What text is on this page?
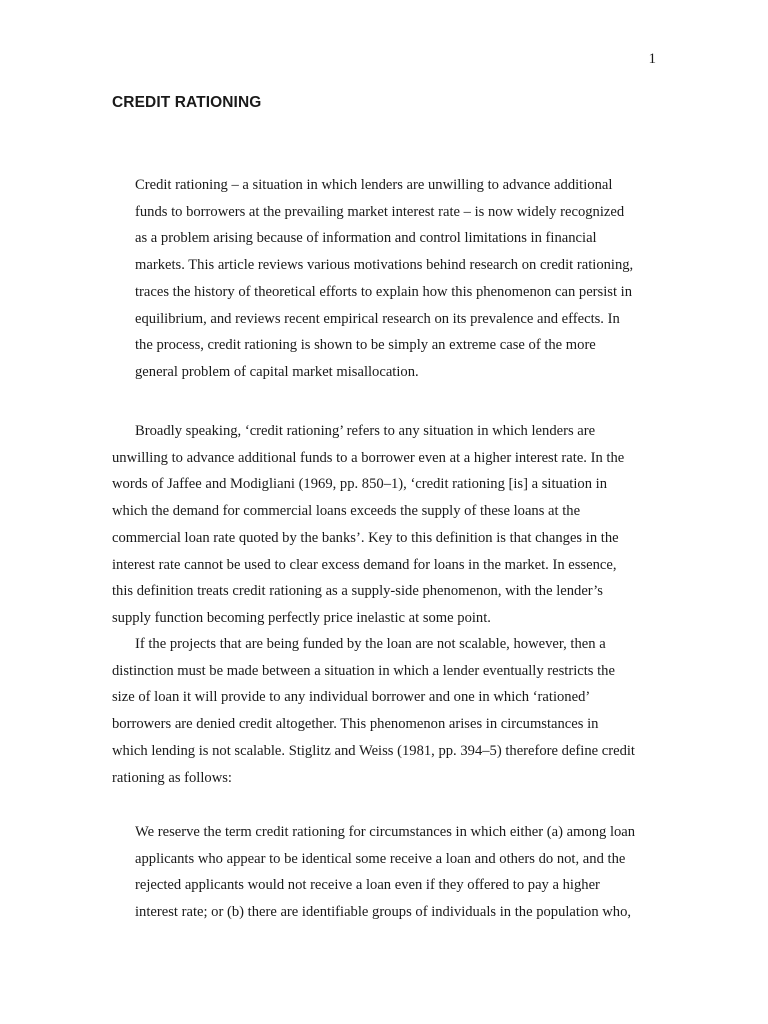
1
CREDIT RATIONING

Credit rationing – a situation in which lenders are unwilling to advance additional
funds to borrowers at the prevailing market interest rate – is now widely recognized
as a problem arising because of information and control limitations in financial
markets. This article reviews various motivations behind research on credit rationing,
traces the history of theoretical efforts to explain how this phenomenon can persist in
equilibrium, and reviews recent empirical research on its prevalence and effects. In
the process, credit rationing is shown to be simply an extreme case of the more
general problem of capital market misallocation.

Broadly speaking, ‘credit rationing’ refers to any situation in which lenders are
unwilling to advance additional funds to a borrower even at a higher interest rate. In the
words of Jaffee and Modigliani (1969, pp. 850–1), ‘credit rationing [is] a situation in
which the demand for commercial loans exceeds the supply of these loans at the
commercial loan rate quoted by the banks’. Key to this definition is that changes in the
interest rate cannot be used to clear excess demand for loans in the market. In essence,
this definition treats credit rationing as a supply-side phenomenon, with the lender’s
supply function becoming perfectly price inelastic at some point.

If the projects that are being funded by the loan are not scalable, however, then a
distinction must be made between a situation in which a lender eventually restricts the
size of loan it will provide to any individual borrower and one in which ‘rationed’
borrowers are denied credit altogether. This phenomenon arises in circumstances in
which lending is not scalable. Stiglitz and Weiss (1981, pp. 394–5) therefore define credit
rationing as follows:

We reserve the term credit rationing for circumstances in which either (a) among loan
applicants who appear to be identical some receive a loan and others do not, and the
rejected applicants would not receive a loan even if they offered to pay a higher
interest rate; or (b) there are identifiable groups of individuals in the population who,
